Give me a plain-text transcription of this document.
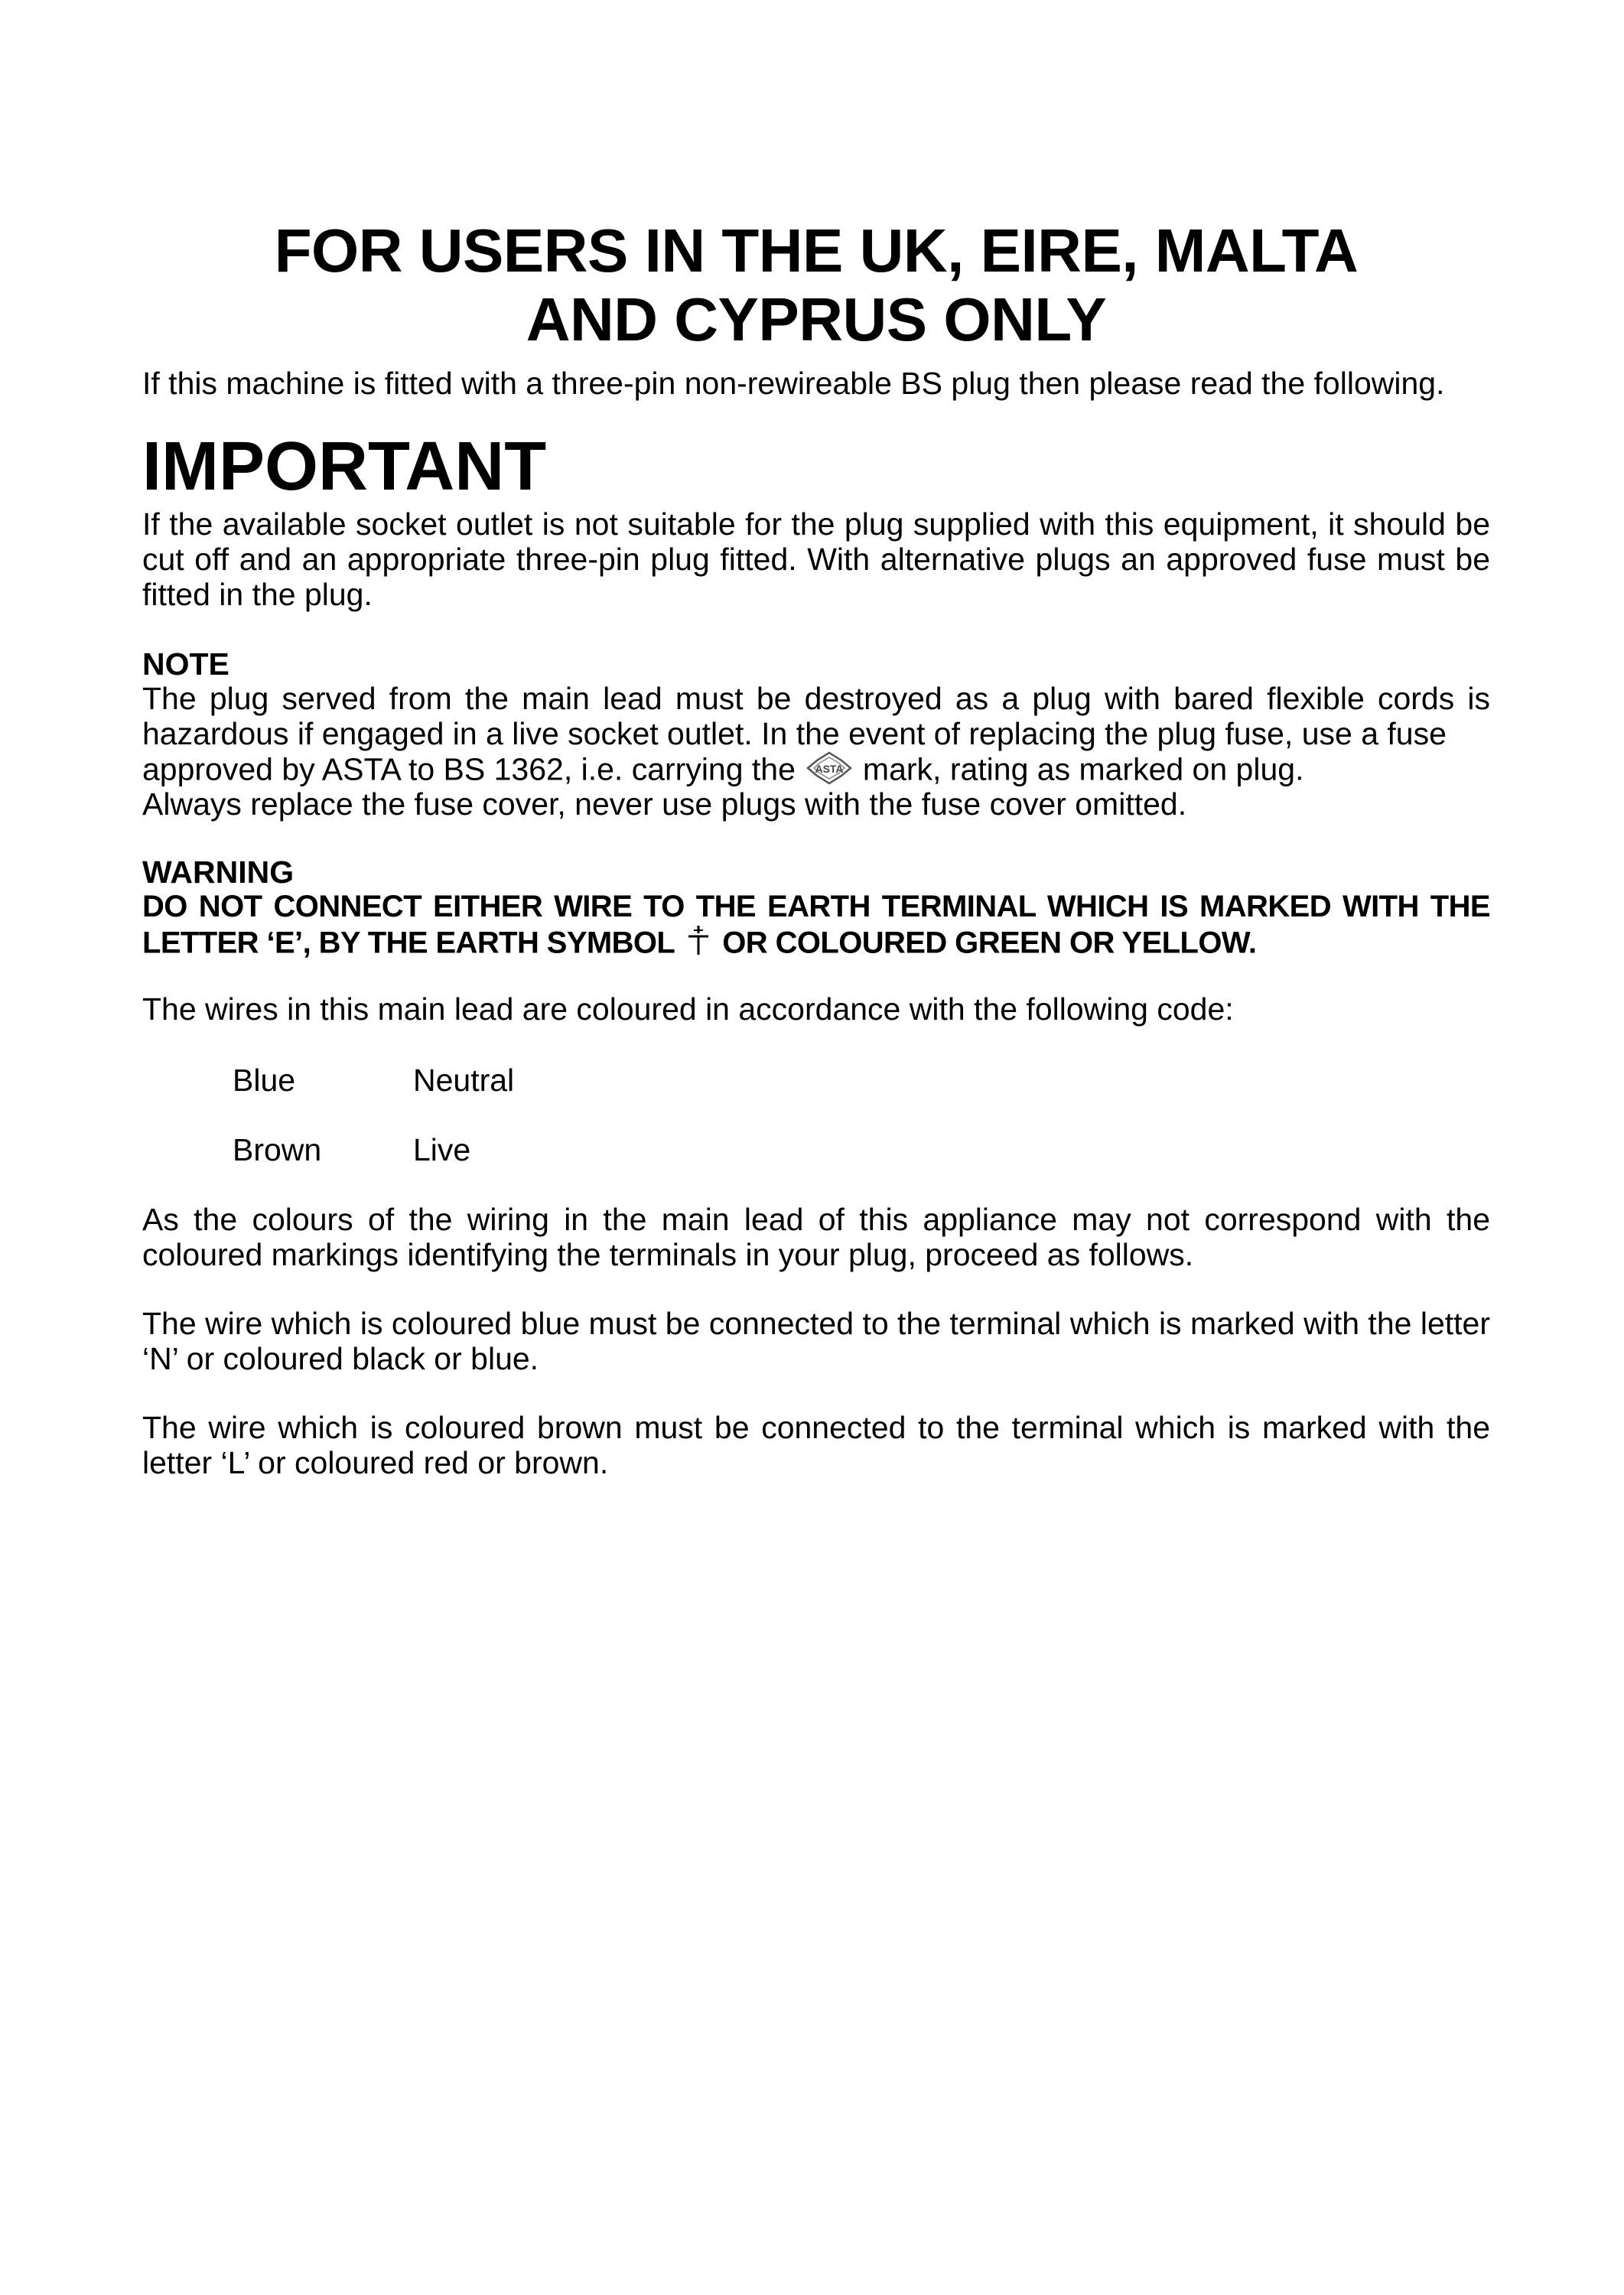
FOR USERS IN THE UK, EIRE, MALTA
AND CYPRUS ONLY

If this machine is fitted with a three-pin non-rewireable BS plug then please read the following.

IMPORTANT

If the available socket outlet is not suitable for the plug supplied with this equipment, it should be cut off and an appropriate three-pin plug fitted. With alternative plugs an approved fuse must be fitted in the plug.

NOTE

The plug served from the main lead must be destroyed as a plug with bared flexible cords is hazardous if engaged in a live socket outlet. In the event of replacing the plug fuse, use a fuse

approved by ASTA to BS 1362, i.e. carrying the ASTA mark, rating as marked on plug.

Always replace the fuse cover, never use plugs with the fuse cover omitted.

WARNING
DO NOT CONNECT EITHER WIRE TO THE EARTH TERMINAL WHICH IS MARKED WITH THE
LETTER ‘E’, BY THE EARTH SYMBOL OR COLOURED GREEN OR YELLOW.

The wires in this main lead are coloured in accordance with the following code:

Blue	Neutral
Brown	Live

As the colours of the wiring in the main lead of this appliance may not correspond with the coloured markings identifying the terminals in your plug, proceed as follows.

The wire which is coloured blue must be connected to the terminal which is marked with the letter ‘N’ or coloured black or blue.

The wire which is coloured brown must be connected to the terminal which is marked with the letter ‘L’ or coloured red or brown.
